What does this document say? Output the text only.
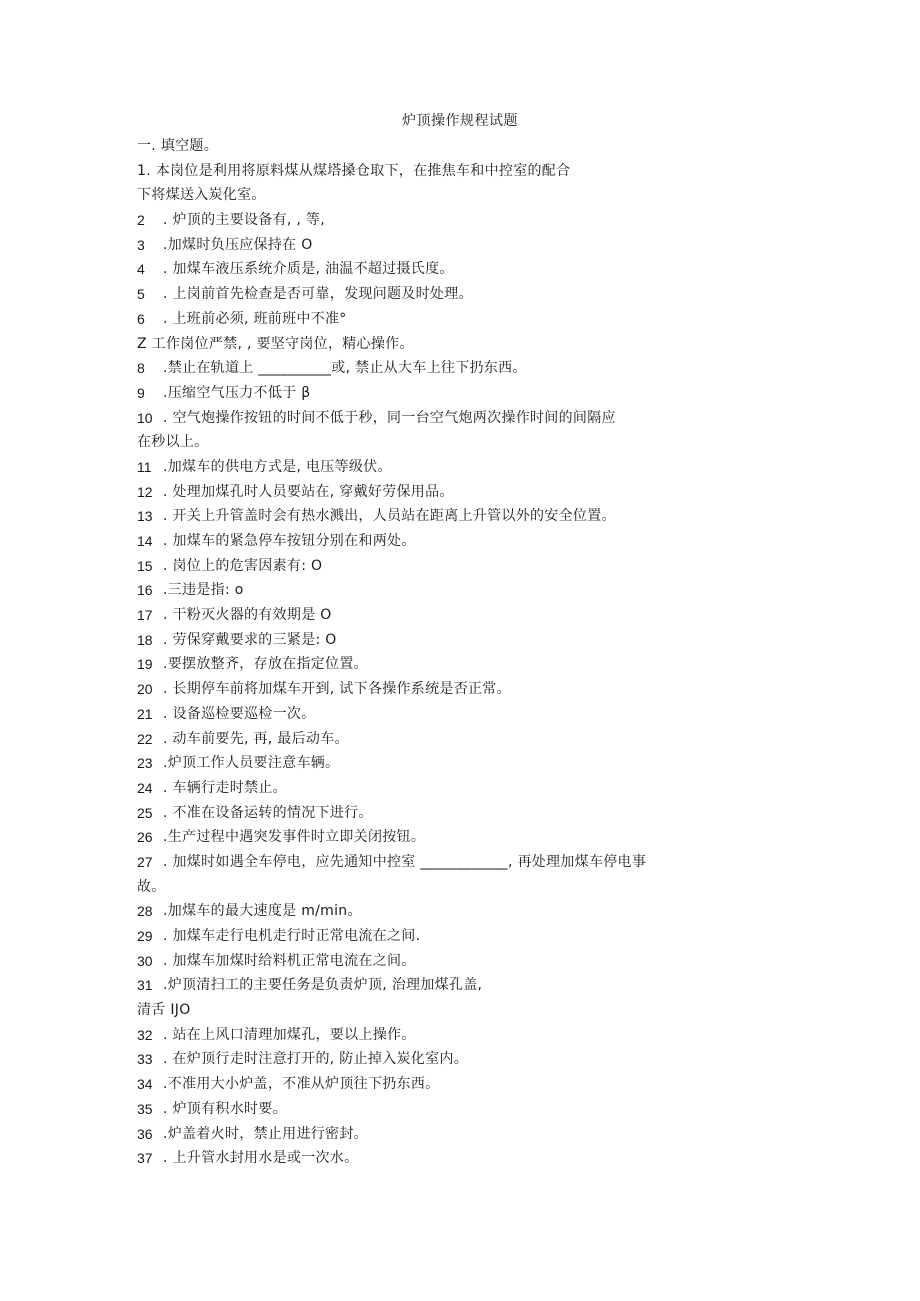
炉顶操作规程试题
一. 填空题。
1. 本岗位是利用将原料煤从煤塔搡仓取下，在推焦车和中控室的配合
下将煤送入炭化室。
2	. 炉顶的主要设备有, , 等,
3	.加煤时负压应保持在 O
4	. 加煤车液压系统介质是, 油温不超过摄氏度。
5	. 上岗前首先检查是否可靠，发现问题及时处理。
6	. 上班前必须, 班前班中不准°
Z 工作岗位严禁, , 要坚守岗位，精心操作。
8	.禁止在轨道上 __________或, 禁止从大车上往下扔东西。
9	.压缩空气压力不低于 β
10 . 空气炮操作按钮的时间不低于秒，同一台空气炮两次操作时间的间隔应
在秒以上。
11 .加煤车的供电方式是, 电压等级伏。
12 . 处理加煤孔时人员要站在, 穿戴好劳保用品。
13 . 开关上升管盖时会有热水溅出，人员站在距离上升管以外的安全位置。
14 . 加煤车的紧急停车按钮分别在和两处。
15 . 岗位上的危害因素有: O
16 .三违是指: o
17 . 干粉灭火器的有效期是 O
18 . 劳保穿戴要求的三紧是: O
19 .要摆放整齐，存放在指定位置。
20 . 长期停车前将加煤车开到, 试下各操作系统是否正常。
21 . 设备巡检要巡检一次。
22 . 动车前要先, 再, 最后动车。
23 .炉顶工作人员要注意车辆。
24 . 车辆行走时禁止。
25 . 不准在设备运转的情况下进行。
26 .生产过程中遇突发事件时立即关闭按钮。
27 . 加煤时如遇全车停电，应先通知中控室 ____________, 再处理加煤车停电事
故。
28 .加煤车的最大速度是 m/min。
29 . 加煤车走行电机走行时正常电流在之间.
30 . 加煤车加煤时给料机正常电流在之间。
31 .炉顶清扫工的主要任务是负责炉顶, 治理加煤孔盖,
清舌 IJO
32 . 站在上风口清理加煤孔，要以上操作。
33 . 在炉顶行走时注意打开的, 防止掉入炭化室内。
34 .不准用大小炉盖，不准从炉顶往下扔东西。
35 . 炉顶有积水时要。
36 .炉盖着火时，禁止用进行密封。
37 . 上升管水封用水是或一次水。
